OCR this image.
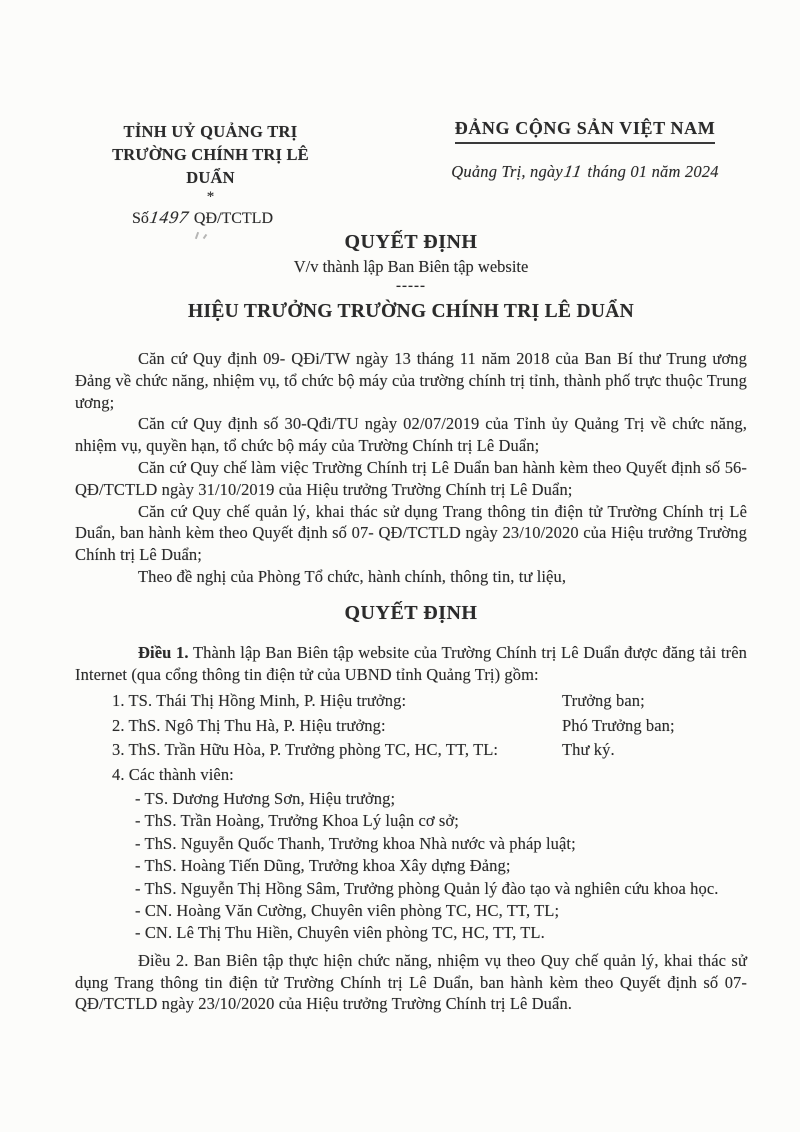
TỈNH UỶ QUẢNG TRỊ
TRƯỜNG CHÍNH TRỊ LÊ DUẨN
*
Số1497 QĐ/TCTLD
ĐẢNG CỘNG SẢN VIỆT NAM
Quảng Trị, ngày11 tháng 01 năm 2024
QUYẾT ĐỊNH
V/v thành lập Ban Biên tập website
-----
HIỆU TRƯỞNG TRƯỜNG CHÍNH TRỊ LÊ DUẨN

Căn cứ Quy định 09- QĐi/TW ngày 13 tháng 11 năm 2018 của Ban Bí thư Trung ương Đảng về chức năng, nhiệm vụ, tổ chức bộ máy của trường chính trị tỉnh, thành phố trực thuộc Trung ương;

Căn cứ Quy định số 30-Qđi/TU ngày 02/07/2019 của Tỉnh ủy Quảng Trị về chức năng, nhiệm vụ, quyền hạn, tổ chức bộ máy của Trường Chính trị Lê Duẩn;

Căn cứ Quy chế làm việc Trường Chính trị Lê Duẩn ban hành kèm theo Quyết định số 56-QĐ/TCTLD ngày 31/10/2019 của Hiệu trưởng Trường Chính trị Lê Duẩn;

Căn cứ Quy chế quản lý, khai thác sử dụng Trang thông tin điện tử Trường Chính trị Lê Duẩn, ban hành kèm theo Quyết định số 07- QĐ/TCTLD ngày 23/10/2020 của Hiệu trưởng Trường Chính trị Lê Duẩn;

Theo đề nghị của Phòng Tổ chức, hành chính, thông tin, tư liệu,

QUYẾT ĐỊNH

Điều 1. Thành lập Ban Biên tập website của Trường Chính trị Lê Duẩn được đăng tải trên Internet (qua cổng thông tin điện tử của UBND tỉnh Quảng Trị) gồm:

1. TS. Thái Thị Hồng Minh, P. Hiệu trưởng:	Trưởng ban;
2. ThS. Ngô Thị Thu Hà, P. Hiệu trưởng:	Phó Trưởng ban;
3. ThS. Trần Hữu Hòa, P. Trưởng phòng TC, HC, TT, TL:	Thư ký.
4. Các thành viên:
- TS. Dương Hương Sơn, Hiệu trưởng;
- ThS. Trần Hoàng, Trưởng Khoa Lý luận cơ sở;
- ThS. Nguyễn Quốc Thanh, Trưởng khoa Nhà nước và pháp luật;
- ThS. Hoàng Tiến Dũng, Trưởng khoa Xây dựng Đảng;
- ThS. Nguyễn Thị Hồng Sâm, Trưởng phòng Quản lý đào tạo và nghiên cứu khoa học.
- CN. Hoàng Văn Cường, Chuyên viên phòng TC, HC, TT, TL;
- CN. Lê Thị Thu Hiền, Chuyên viên phòng TC, HC, TT, TL.

Điều 2. Ban Biên tập thực hiện chức năng, nhiệm vụ theo Quy chế quản lý, khai thác sử dụng Trang thông tin điện tử Trường Chính trị Lê Duẩn, ban hành kèm theo Quyết định số 07- QĐ/TCTLD ngày 23/10/2020 của Hiệu trưởng Trường Chính trị Lê Duẩn.
